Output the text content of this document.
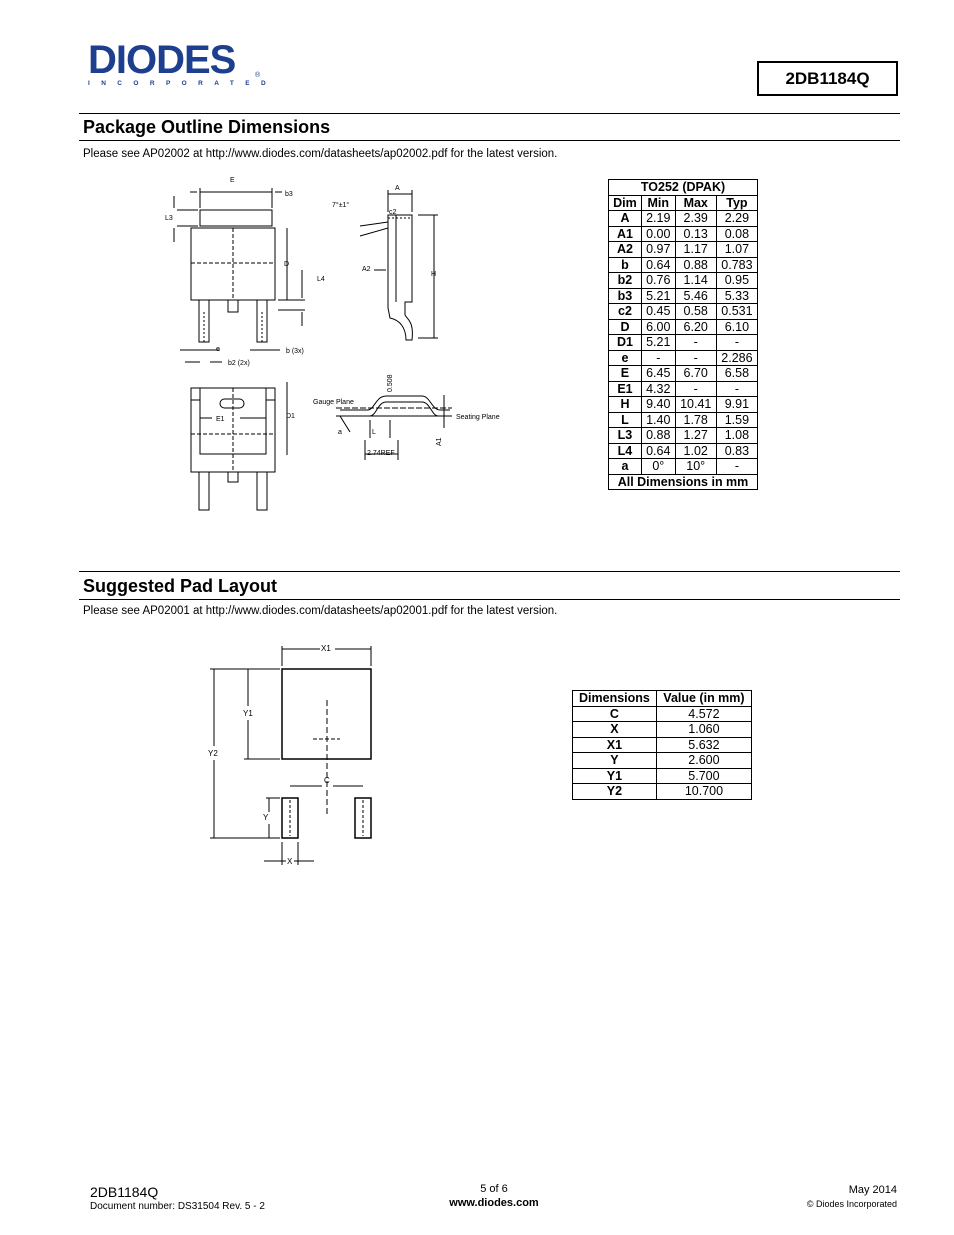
DIODES
INCORPORATED
®	2DB1184Q
Package Outline Dimensions
Please see AP02002 at http://www.diodes.com/datasheets/ap02002.pdf for the latest version.
E
b3
L3
D
L4
e	b (3x)
b2 (2x)
E1	D1
A
7°±1°
c2
A2
H
Gauge Plane
Seating Plane
0.508
L
a
2.74REF
A1
TO252 (DPAK)			
Dim	Min	Max	Typ
A	2.19	2.39	2.29
A1	0.00	0.13	0.08
A2	0.97	1.17	1.07
b	0.64	0.88	0.783
b2	0.76	1.14	0.95
b3	5.21	5.46	5.33
c2	0.45	0.58	0.531
D	6.00	6.20	6.10
D1	5.21	-	-
e	-	-	2.286
E	6.45	6.70	6.58
E1	4.32	-	-
H	9.40	10.41	9.91
L	1.40	1.78	1.59
L3	0.88	1.27	1.08
L4	0.64	1.02	0.83
a	0°	10°	-
All Dimensions in mm			
Suggested Pad Layout
Please see AP02001 at http://www.diodes.com/datasheets/ap02001.pdf for the latest version.
X1
Y1
Y2
C
Y
X
Dimensions	Value (in mm)
C	4.572
X	1.060
X1	5.632
Y	2.600
Y1	5.700
Y2	10.700
2DB1184Q
Document number: DS31504 Rev. 5 - 2
5 of 6
www.diodes.com
May 2014
© Diodes Incorporated
